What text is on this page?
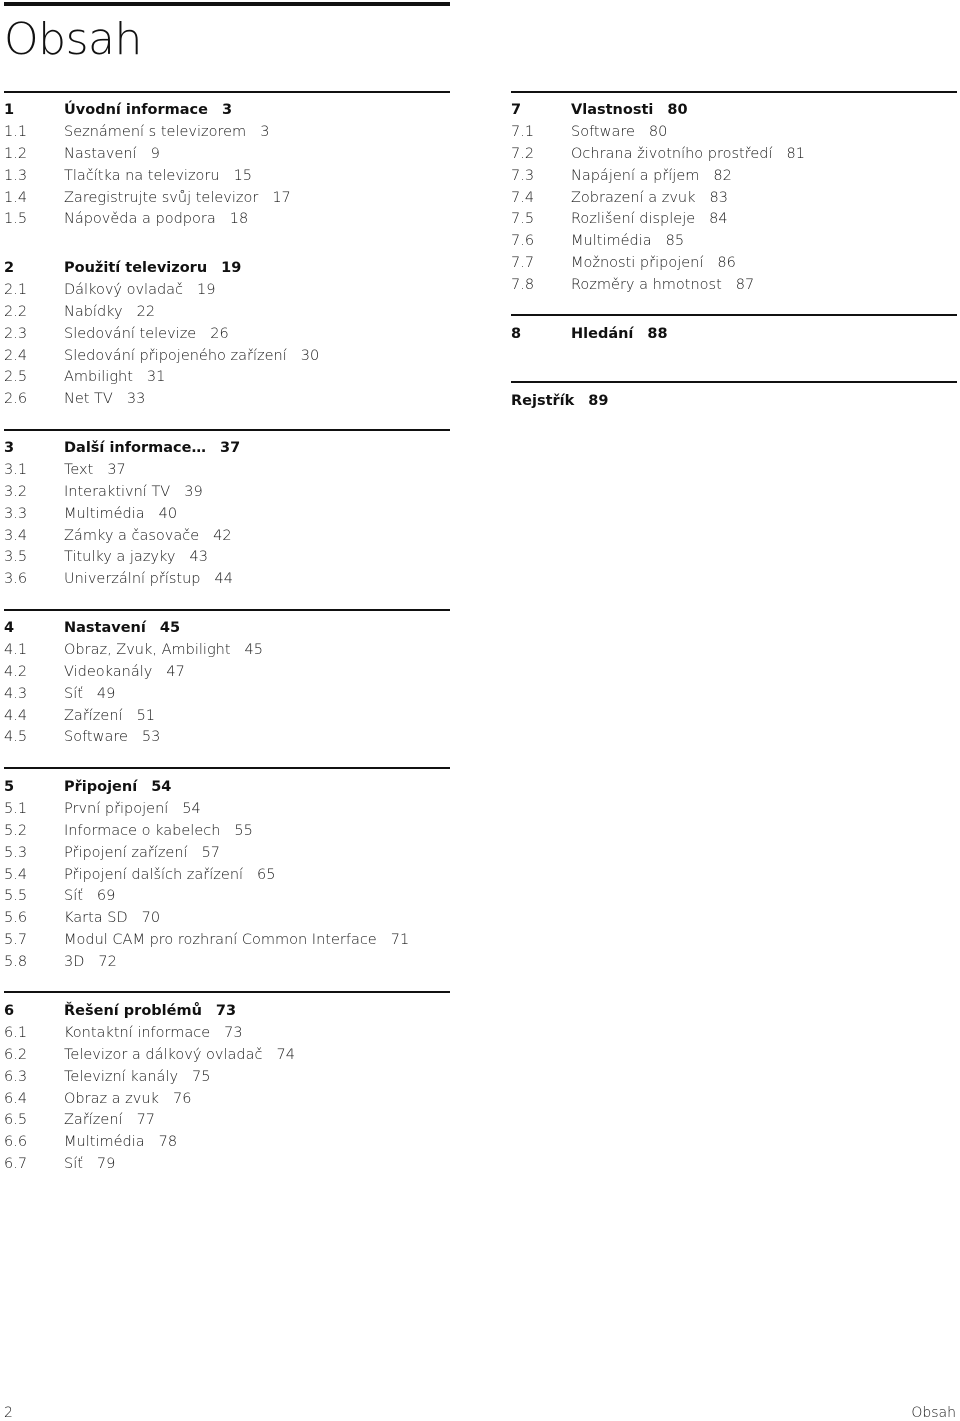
Obsah
1	Úvodní informace 3
1.1	Seznámení s televizorem 3
1.2	Nastavení 9
1.3	Tlačítka na televizoru 15
1.4	Zaregistrujte svůj televizor 17
1.5	Nápověda a podpora 18
2	Použití televizoru 19
2.1	Dálkový ovladač 19
2.2	Nabídky 22
2.3	Sledování televize 26
2.4	Sledování připojeného zařízení 30
2.5	Ambilight 31
2.6	Net TV 33
3	Další informace… 37
3.1	Text 37
3.2	Interaktivní TV 39
3.3	Multimédia 40
3.4	Zámky a časovače 42
3.5	Titulky a jazyky 43
3.6	Univerzální přístup 44
4	Nastavení 45
4.1	Obraz, Zvuk, Ambilight 45
4.2	Videokanály 47
4.3	Síť 49
4.4	Zařízení 51
4.5	Software 53
5	Připojení 54
5.1	První připojení 54
5.2	Informace o kabelech 55
5.3	Připojení zařízení 57
5.4	Připojení dalších zařízení 65
5.5	Síť 69
5.6	Karta SD 70
5.7	Modul CAM pro rozhraní Common Interface 71
5.8	3D 72
6	Řešení problémů 73
6.1	Kontaktní informace 73
6.2	Televizor a dálkový ovladač 74
6.3	Televizní kanály 75
6.4	Obraz a zvuk 76
6.5	Zařízení 77
6.6	Multimédia 78
6.7	Síť 79
7	Vlastnosti 80
7.1	Software 80
7.2	Ochrana životního prostředí 81
7.3	Napájení a příjem 82
7.4	Zobrazení a zvuk 83
7.5	Rozlišení displeje 84
7.6	Multimédia 85
7.7	Možnosti připojení 86
7.8	Rozměry a hmotnost 87
8	Hledání 88
Rejstřík 89
2	Obsah
